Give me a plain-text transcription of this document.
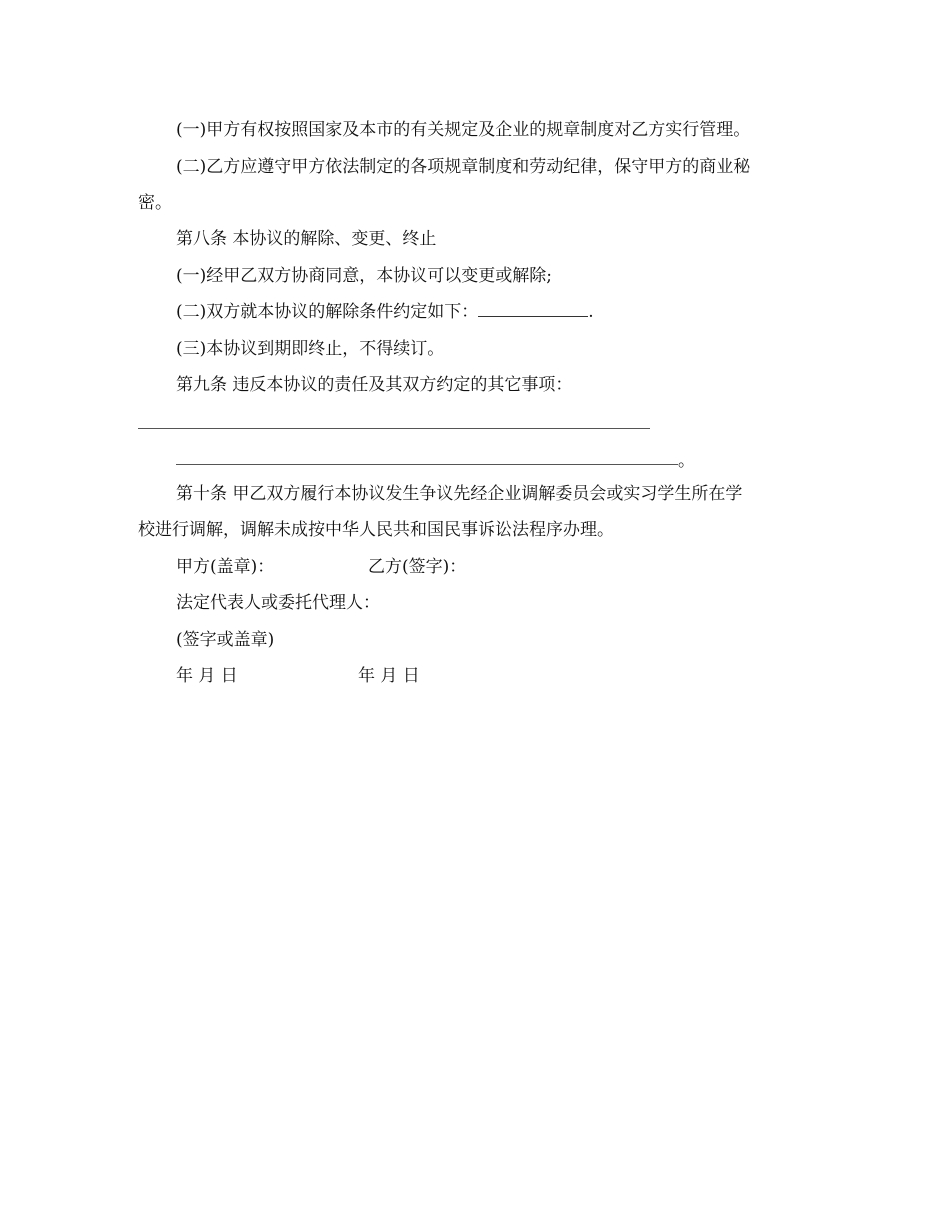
(一)甲方有权按照国家及本市的有关规定及企业的规章制度对乙方实行管理。
(二)乙方应遵守甲方依法制定的各项规章制度和劳动纪律，保守甲方的商业秘
密。
第八条 本协议的解除、变更、终止
(一)经甲乙双方协商同意，本协议可以变更或解除;
(二)双方就本协议的解除条件约定如下：	.
(三)本协议到期即终止，不得续订。
第九条 违反本协议的责任及其双方约定的其它事项：
。
第十条 甲乙双方履行本协议发生争议先经企业调解委员会或实习学生所在学
校进行调解，调解未成按中华人民共和国民事诉讼法程序办理。
甲方(盖章)：	乙方(签字)：
法定代表人或委托代理人：
(签字或盖章)
年 月 日	年 月 日
